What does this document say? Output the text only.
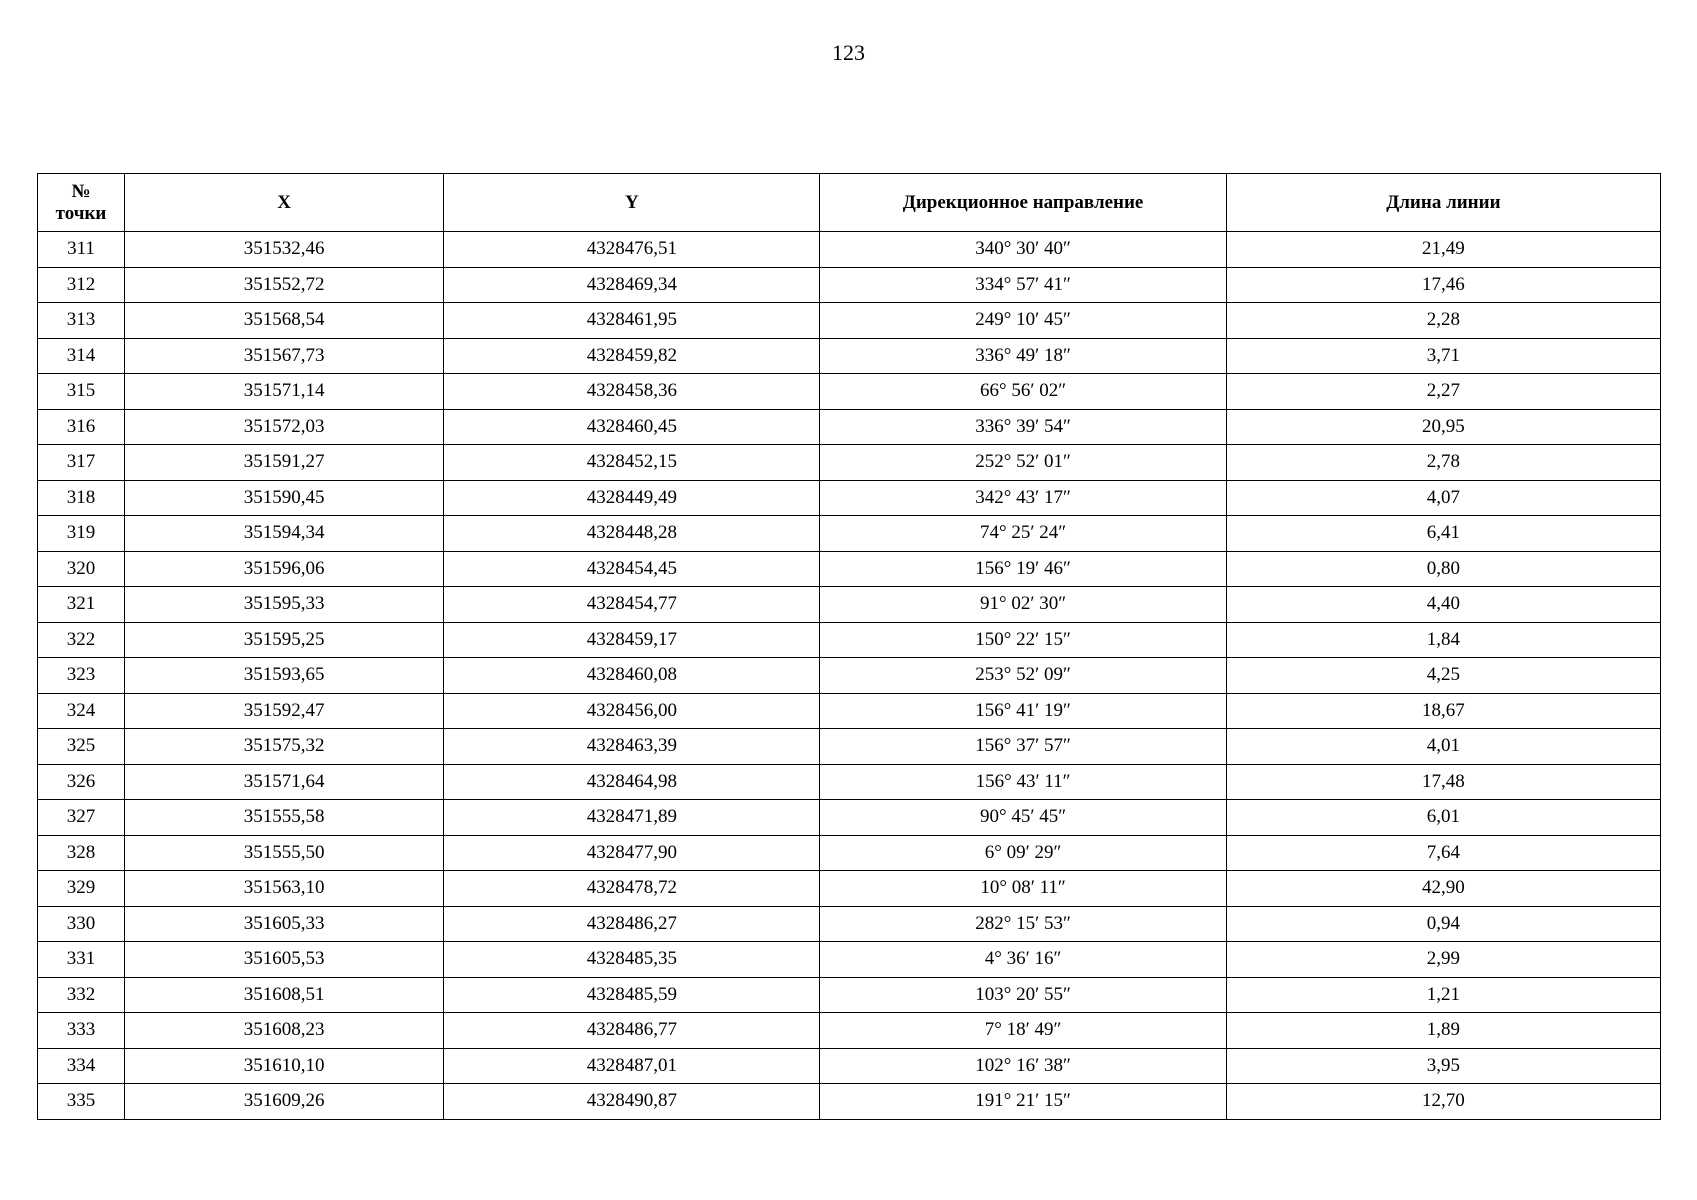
123
№
точки	X	Y	Дирекционное направление	Длина линии
311	351532,46	4328476,51	340° 30′ 40″	21,49
312	351552,72	4328469,34	334° 57′ 41″	17,46
313	351568,54	4328461,95	249° 10′ 45″	2,28
314	351567,73	4328459,82	336° 49′ 18″	3,71
315	351571,14	4328458,36	66° 56′ 02″	2,27
316	351572,03	4328460,45	336° 39′ 54″	20,95
317	351591,27	4328452,15	252° 52′ 01″	2,78
318	351590,45	4328449,49	342° 43′ 17″	4,07
319	351594,34	4328448,28	74° 25′ 24″	6,41
320	351596,06	4328454,45	156° 19′ 46″	0,80
321	351595,33	4328454,77	91° 02′ 30″	4,40
322	351595,25	4328459,17	150° 22′ 15″	1,84
323	351593,65	4328460,08	253° 52′ 09″	4,25
324	351592,47	4328456,00	156° 41′ 19″	18,67
325	351575,32	4328463,39	156° 37′ 57″	4,01
326	351571,64	4328464,98	156° 43′ 11″	17,48
327	351555,58	4328471,89	90° 45′ 45″	6,01
328	351555,50	4328477,90	6° 09′ 29″	7,64
329	351563,10	4328478,72	10° 08′ 11″	42,90
330	351605,33	4328486,27	282° 15′ 53″	0,94
331	351605,53	4328485,35	4° 36′ 16″	2,99
332	351608,51	4328485,59	103° 20′ 55″	1,21
333	351608,23	4328486,77	7° 18′ 49″	1,89
334	351610,10	4328487,01	102° 16′ 38″	3,95
335	351609,26	4328490,87	191° 21′ 15″	12,70
